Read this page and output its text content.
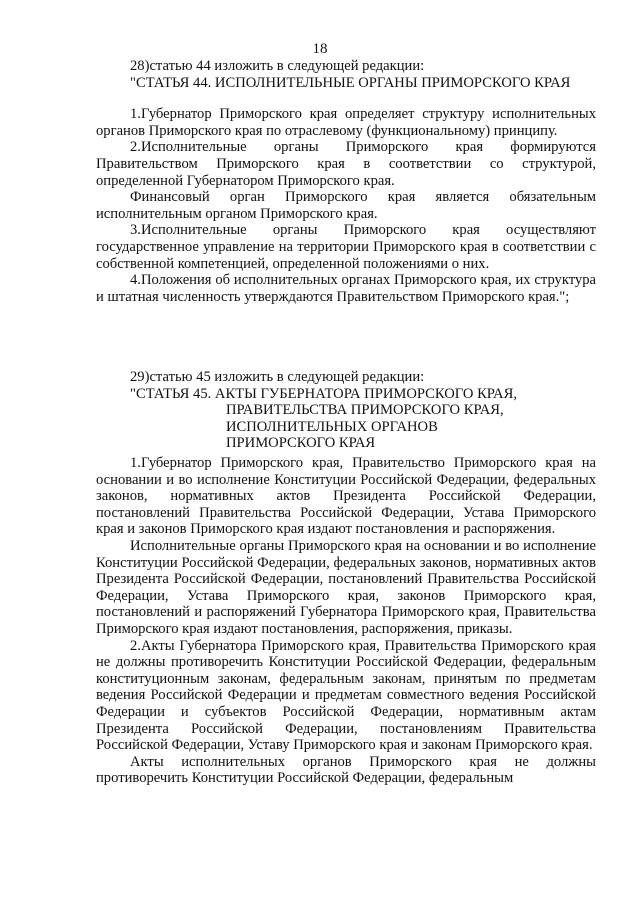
18

28)статью 44 изложить в следующей редакции:

"СТАТЬЯ 44. ИСПОЛНИТЕЛЬНЫЕ ОРГАНЫ ПРИМОРСКОГО КРАЯ

1.Губернатор Приморского края определяет структуру исполнительных органов Приморского края по отраслевому (функциональному) принципу.

2.Исполнительные органы Приморского края формируются Правительством Приморского края в соответствии со структурой, определенной Губернатором Приморского края.

Финансовый орган Приморского края является обязательным исполнительным органом Приморского края.

3.Исполнительные органы Приморского края осуществляют государственное управление на территории Приморского края в соответствии с собственной компетенцией, определенной положениями о них.

4.Положения об исполнительных органах Приморского края, их структура и штатная численность утверждаются Правительством Приморского края.";

29)статью 45 изложить в следующей редакции:

"СТАТЬЯ 45. АКТЫ ГУБЕРНАТОРА ПРИМОРСКОГО КРАЯ,
ПРАВИТЕЛЬСТВА ПРИМОРСКОГО КРАЯ,
ИСПОЛНИТЕЛЬНЫХ ОРГАНОВ
ПРИМОРСКОГО КРАЯ

1.Губернатор Приморского края, Правительство Приморского края на основании и во исполнение Конституции Российской Федерации, федеральных законов, нормативных актов Президента Российской Федерации, постановлений Правительства Российской Федерации, Устава Приморского края и законов Приморского края издают постановления и распоряжения.

Исполнительные органы Приморского края на основании и во исполнение Конституции Российской Федерации, федеральных законов, нормативных актов Президента Российской Федерации, постановлений Правительства Российской Федерации, Устава Приморского края, законов Приморского края, постановлений и распоряжений Губернатора Приморского края, Правительства Приморского края издают постановления, распоряжения, приказы.

2.Акты Губернатора Приморского края, Правительства Приморского края не должны противоречить Конституции Российской Федерации, федеральным конституционным законам, федеральным законам, принятым по предметам ведения Российской Федерации и предметам совместного ведения Российской Федерации и субъектов Российской Федерации, нормативным актам Президента Российской Федерации, постановлениям Правительства Российской Федерации, Уставу Приморского края и законам Приморского края.

Акты исполнительных органов Приморского края не должны противоречить Конституции Российской Федерации, федеральным
